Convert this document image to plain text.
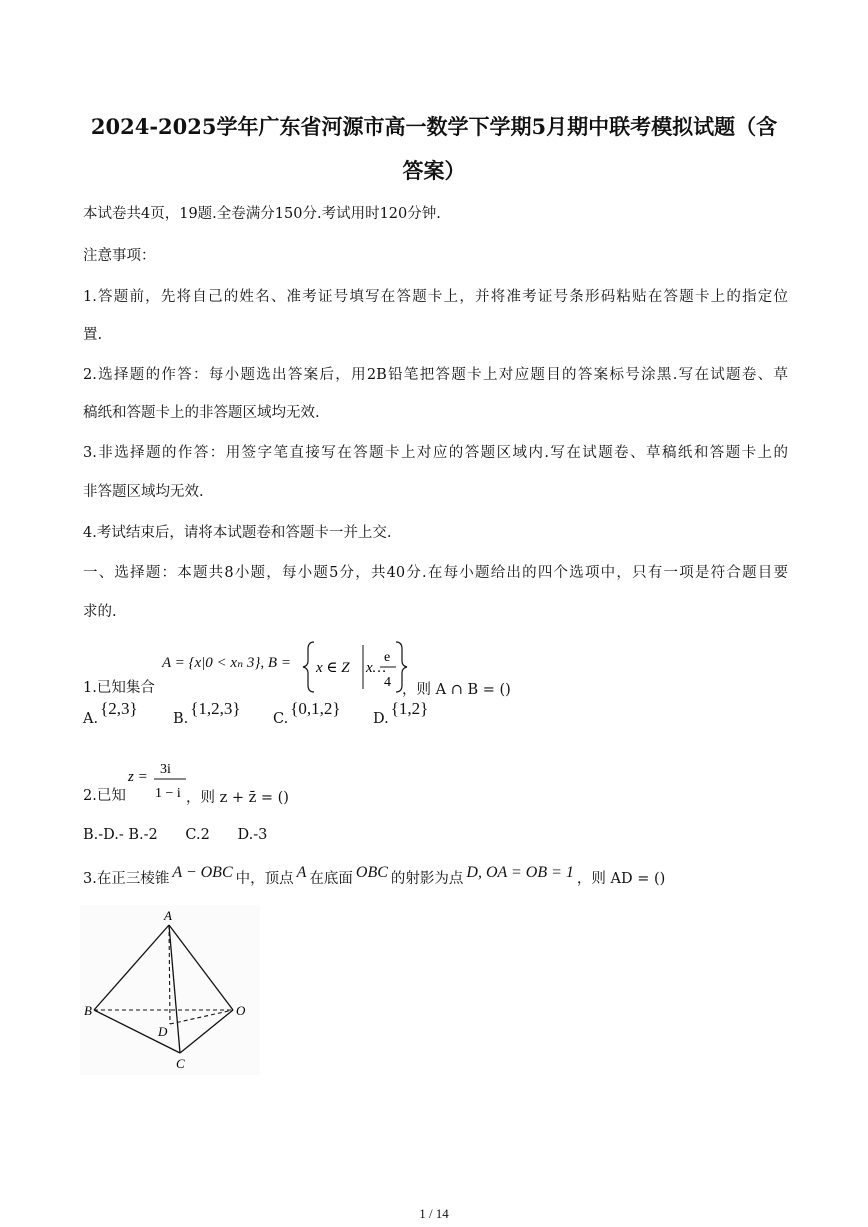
2024-2025学年广东省河源市高一数学下学期5月期中联考模拟试题（含
答案）
本试卷共4页，19题.全卷满分150分.考试用时120分钟.
注意事项：
1.答题前，先将自己的姓名、准考证号填写在答题卡上，并将准考证号条形码粘贴在答题卡上的指定位
置.
2.选择题的作答：每小题选出答案后，用2B铅笔把答题卡上对应题目的答案标号涂黑.写在试题卷、草
稿纸和答题卡上的非答题区域均无效.
3.非选择题的作答：用签字笔直接写在答题卡上对应的答题区域内.写在试题卷、草稿纸和答题卡上的
非答题区域均无效.
4.考试结束后，请将本试题卷和答题卡一并上交.
一、选择题：本题共8小题，每小题5分，共40分.在每小题给出的四个选项中，只有一项是符合题目要
求的.
1.已知集合
A = {x|0 < xₙ 3}, B = x ∈ Z x…
e
4 ，则 A ∩ B = ()
A.{2,3}
B.{1,2,3}
C.{0,1,2}
D.{1,2}
2.已知
z = 3i
1 − i ，则 z + z̄ = ()
B.-D.- B.-2      C.2      D.-3
3.在正三棱锥 A − OBC 中，顶点 A 在底面 OBC 的射影为点 D, OA = OB = 1 ，则 AD = ()
A
B	O
D
C
1 / 14
